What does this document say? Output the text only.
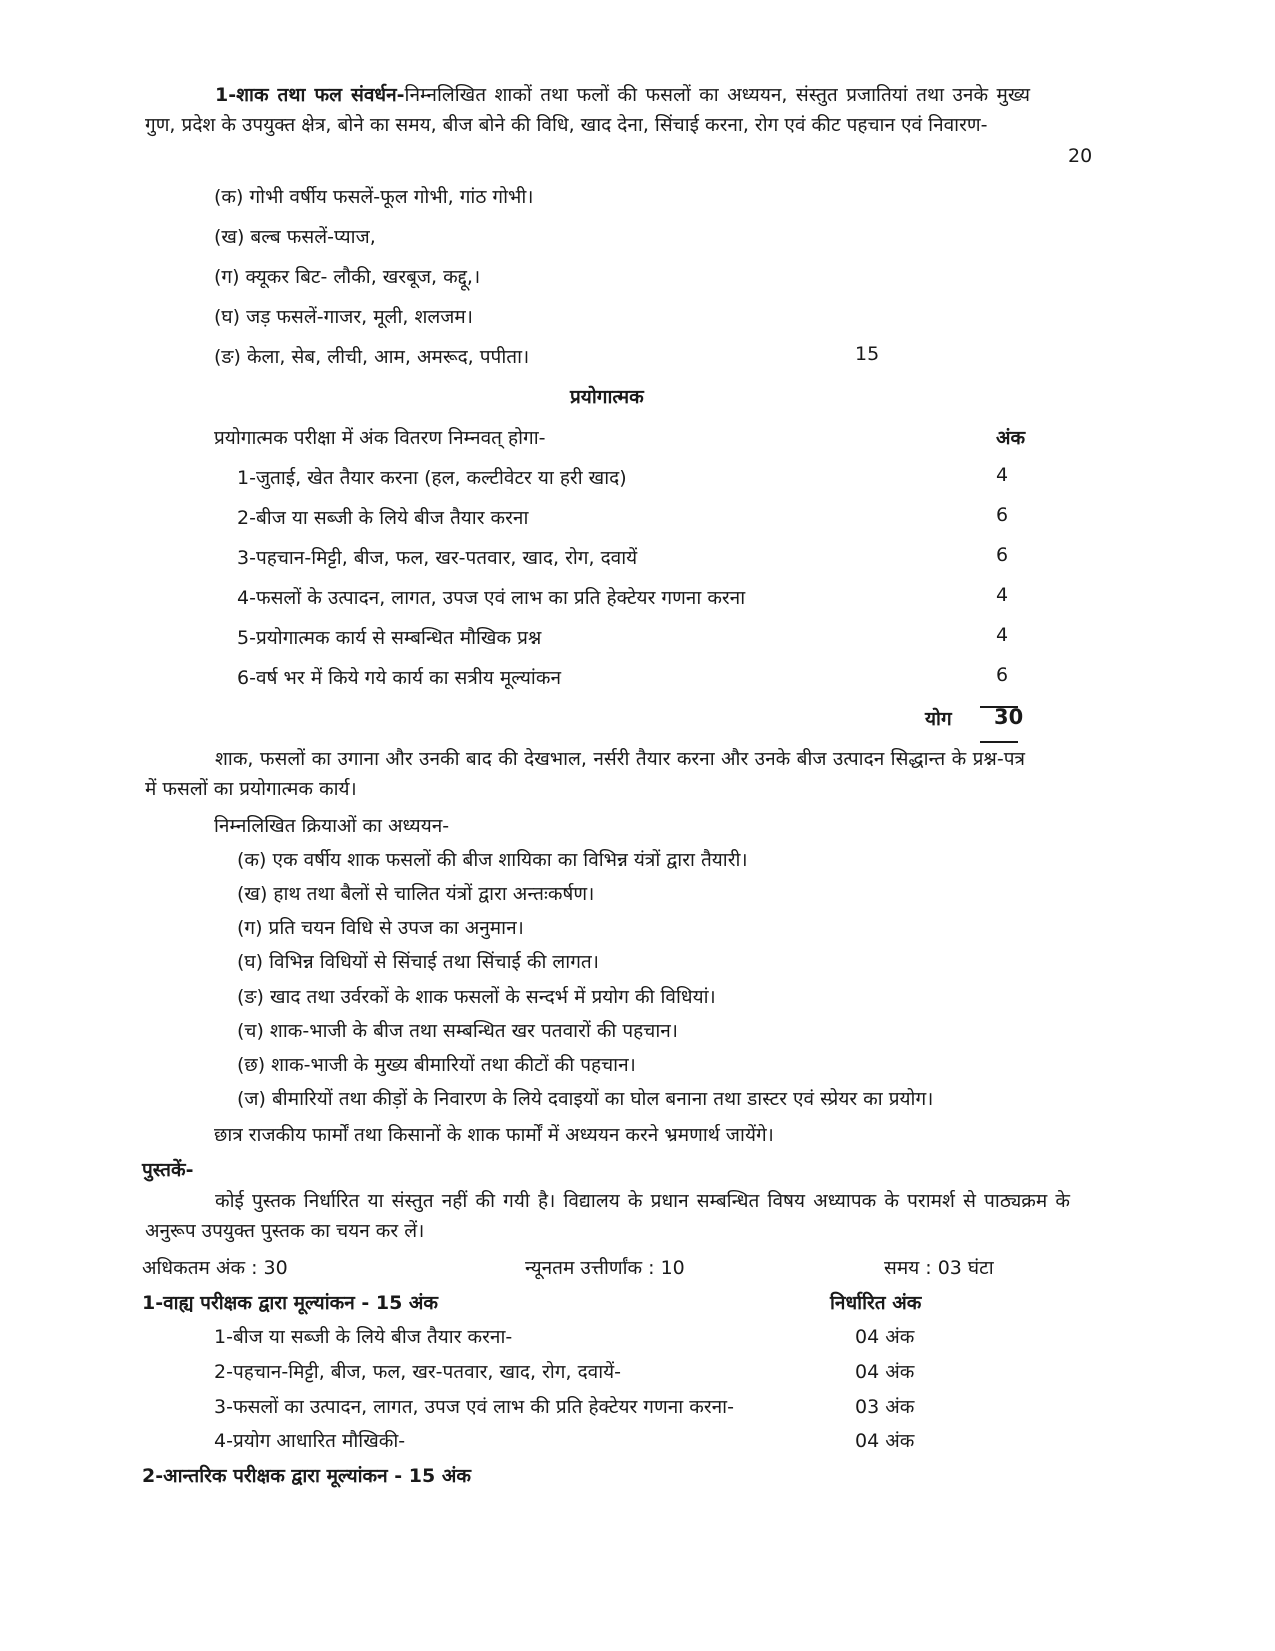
1-शाक तथा फल संवर्धन-निम्नलिखित शाकों तथा फलों की फसलों का अध्ययन, संस्तुत प्रजातियां तथा उनके मुख्य गुण, प्रदेश के उपयुक्त क्षेत्र, बोने का समय, बीज बोने की विधि, खाद देना, सिंचाई करना, रोग एवं कीट पहचान एवं निवारण-
20
(क) गोभी वर्षीय फसलें-फूल गोभी, गांठ गोभी।
(ख) बल्ब फसलें-प्याज,
(ग) क्यूकर बिट- लौकी, खरबूज, कद्दू,।
(घ) जड़ फसलें-गाजर, मूली, शलजम।
(ङ) केला, सेब, लीची, आम, अमरूद, पपीता।	15
प्रयोगात्मक
प्रयोगात्मक परीक्षा में अंक वितरण निम्नवत् होगा-	अंक
1-जुताई, खेत तैयार करना (हल, कल्टीवेटर या हरी खाद)	4
2-बीज या सब्जी के लिये बीज तैयार करना	6
3-पहचान-मिट्टी, बीज, फल, खर-पतवार, खाद, रोग, दवायें	6
4-फसलों के उत्पादन, लागत, उपज एवं लाभ का प्रति हेक्टेयर गणना करना	4
5-प्रयोगात्मक कार्य से सम्बन्धित मौखिक प्रश्न	4
6-वर्ष भर में किये गये कार्य का सत्रीय मूल्यांकन	6
योग 30
शाक, फसलों का उगाना और उनकी बाद की देखभाल, नर्सरी तैयार करना और उनके बीज उत्पादन सिद्धान्त के प्रश्न-पत्र में फसलों का प्रयोगात्मक कार्य।
निम्नलिखित क्रियाओं का अध्ययन-
(क) एक वर्षीय शाक फसलों की बीज शायिका का विभिन्न यंत्रों द्वारा तैयारी।
(ख) हाथ तथा बैलों से चालित यंत्रों द्वारा अन्तःकर्षण।
(ग) प्रति चयन विधि से उपज का अनुमान।
(घ) विभिन्न विधियों से सिंचाई तथा सिंचाई की लागत।
(ङ) खाद तथा उर्वरकों के शाक फसलों के सन्दर्भ में प्रयोग की विधियां।
(च) शाक-भाजी के बीज तथा सम्बन्धित खर पतवारों की पहचान।
(छ) शाक-भाजी के मुख्य बीमारियों तथा कीटों की पहचान।
(ज) बीमारियों तथा कीड़ों के निवारण के लिये दवाइयों का घोल बनाना तथा डास्टर एवं स्प्रेयर का प्रयोग।
छात्र राजकीय फार्मों तथा किसानों के शाक फार्मों में अध्ययन करने भ्रमणार्थ जायेंगे।
पुस्तकें-
कोई पुस्तक निर्धारित या संस्तुत नहीं की गयी है। विद्यालय के प्रधान सम्बन्धित विषय अध्यापक के परामर्श से पाठ्यक्रम के अनुरूप उपयुक्त पुस्तक का चयन कर लें।
अधिकतम अंक : 30	न्यूनतम उत्तीर्णांक : 10	समय : 03 घंटा
1-वाह्य परीक्षक द्वारा मूल्यांकन - 15 अंक	निर्धारित अंक
1-बीज या सब्जी के लिये बीज तैयार करना-	04 अंक
2-पहचान-मिट्टी, बीज, फल, खर-पतवार, खाद, रोग, दवायें-	04 अंक
3-फसलों का उत्पादन, लागत, उपज एवं लाभ की प्रति हेक्टेयर गणना करना-	03 अंक
4-प्रयोग आधारित मौखिकी-	04 अंक
2-आन्तरिक परीक्षक द्वारा मूल्यांकन - 15 अंक
